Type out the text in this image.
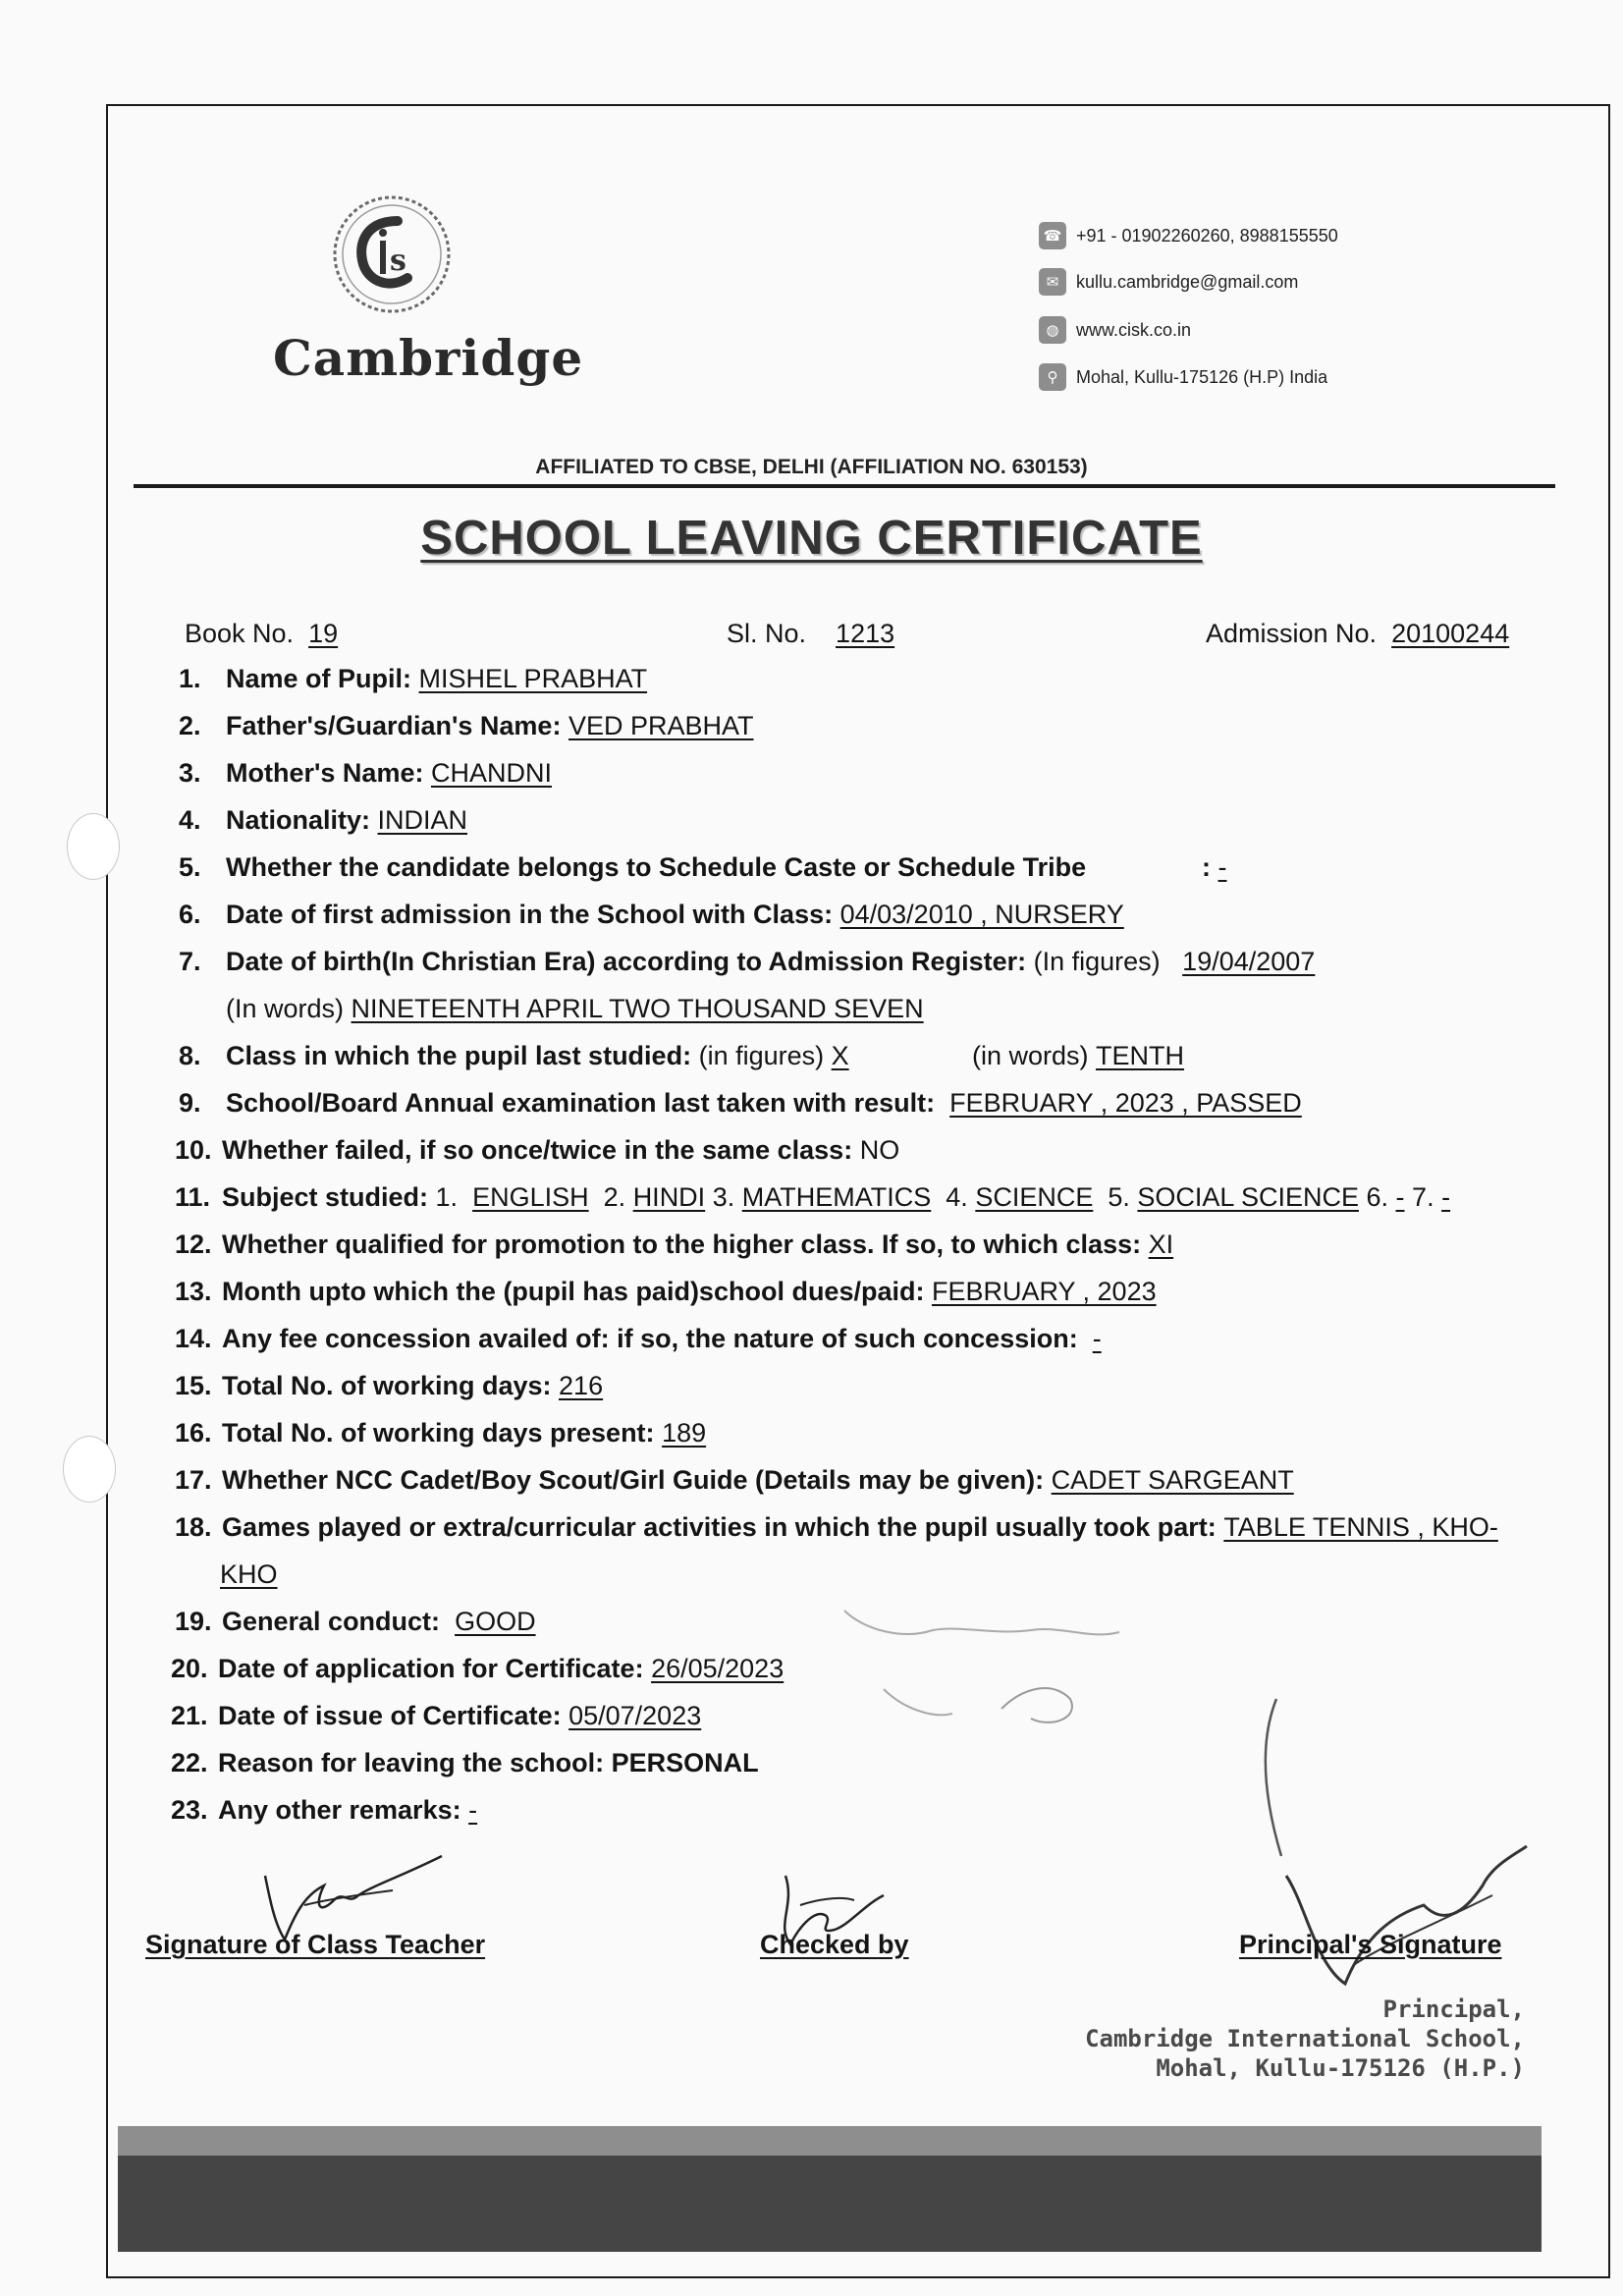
s
Cambridge
☎ +91 - 01902260260, 8988155550
✉ kullu.cambridge@gmail.com
◍ www.cisk.co.in
⚲	Mohal, Kullu-175126 (H.P) India
AFFILIATED TO CBSE, DELHI (AFFILIATION NO. 630153)
SCHOOL LEAVING CERTIFICATE
Book No. 19	Sl. No. 1213	Admission No. 20100244
1. Name of Pupil: MISHEL PRABHAT
2. Father's/Guardian's Name: VED PRABHAT
3. Mother's Name: CHANDNI
4. Nationality: INDIAN
5. Whether the candidate belongs to Schedule Caste or Schedule Tribe	: -
6. Date of first admission in the School with Class: 04/03/2010 , NURSERY
7. Date of birth(In Christian Era) according to Admission Register: (In figures) 19/04/2007
(In words) NINETEENTH APRIL TWO THOUSAND SEVEN
8. Class in which the pupil last studied: (in figures) X	(in words) TENTH
9. School/Board Annual examination last taken with result: FEBRUARY , 2023 , PASSED
10. Whether failed, if so once/twice in the same class: NO
11. Subject studied: 1. ENGLISH 2. HINDI 3. MATHEMATICS 4. SCIENCE 5. SOCIAL SCIENCE 6. - 7. -
12. Whether qualified for promotion to the higher class. If so, to which class: XI
13. Month upto which the (pupil has paid)school dues/paid: FEBRUARY , 2023
14. Any fee concession availed of: if so, the nature of such concession: -
15. Total No. of working days: 216
16. Total No. of working days present: 189
17. Whether NCC Cadet/Boy Scout/Girl Guide (Details may be given): CADET SARGEANT
18. Games played or extra/curricular activities in which the pupil usually took part: TABLE TENNIS , KHO-
KHO
19. General conduct: GOOD
20. Date of application for Certificate: 26/05/2023
21. Date of issue of Certificate: 05/07/2023
22. Reason for leaving the school: PERSONAL
23. Any other remarks: -
Signature of Class Teacher	Checked by	Principal's Signature
Principal,
Cambridge International School,
Mohal, Kullu-175126 (H.P.)
